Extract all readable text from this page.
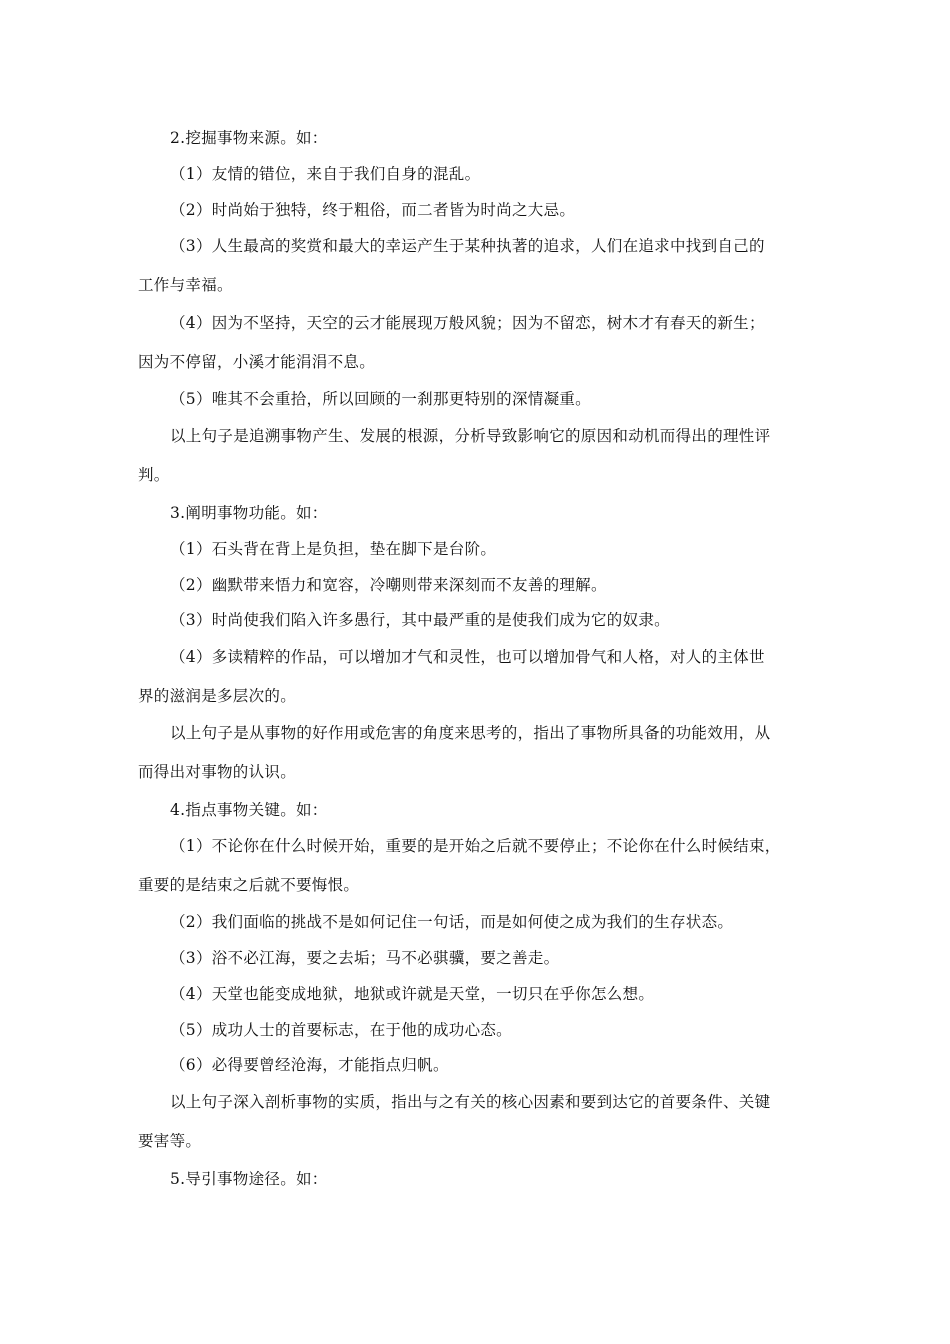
2.挖掘事物来源。如：
（1）友情的错位，来自于我们自身的混乱。
（2）时尚始于独特，终于粗俗，而二者皆为时尚之大忌。
（3）人生最高的奖赏和最大的幸运产生于某种执著的追求，人们在追求中找到自己的
工作与幸福。
（4）因为不坚持，天空的云才能展现万般风貌；因为不留恋，树木才有春天的新生；
因为不停留，小溪才能涓涓不息。
（5）唯其不会重拾，所以回顾的一刹那更特别的深情凝重。
以上句子是追溯事物产生、发展的根源，分析导致影响它的原因和动机而得出的理性评
判。
3.阐明事物功能。如：
（1）石头背在背上是负担，垫在脚下是台阶。
（2）幽默带来悟力和宽容，冷嘲则带来深刻而不友善的理解。
（3）时尚使我们陷入许多愚行，其中最严重的是使我们成为它的奴隶。
（4）多读精粹的作品，可以增加才气和灵性，也可以增加骨气和人格，对人的主体世
界的滋润是多层次的。
以上句子是从事物的好作用或危害的角度来思考的，指出了事物所具备的功能效用，从
而得出对事物的认识。
4.指点事物关键。如：
（1）不论你在什么时候开始，重要的是开始之后就不要停止；不论你在什么时候结束，
重要的是结束之后就不要悔恨。
（2）我们面临的挑战不是如何记住一句话，而是如何使之成为我们的生存状态。
（3）浴不必江海，要之去垢；马不必骐骥，要之善走。
（4）天堂也能变成地狱，地狱或许就是天堂，一切只在乎你怎么想。
（5）成功人士的首要标志，在于他的成功心态。
（6）必得要曾经沧海，才能指点归帆。
以上句子深入剖析事物的实质，指出与之有关的核心因素和要到达它的首要条件、关键
要害等。
5.导引事物途径。如：
